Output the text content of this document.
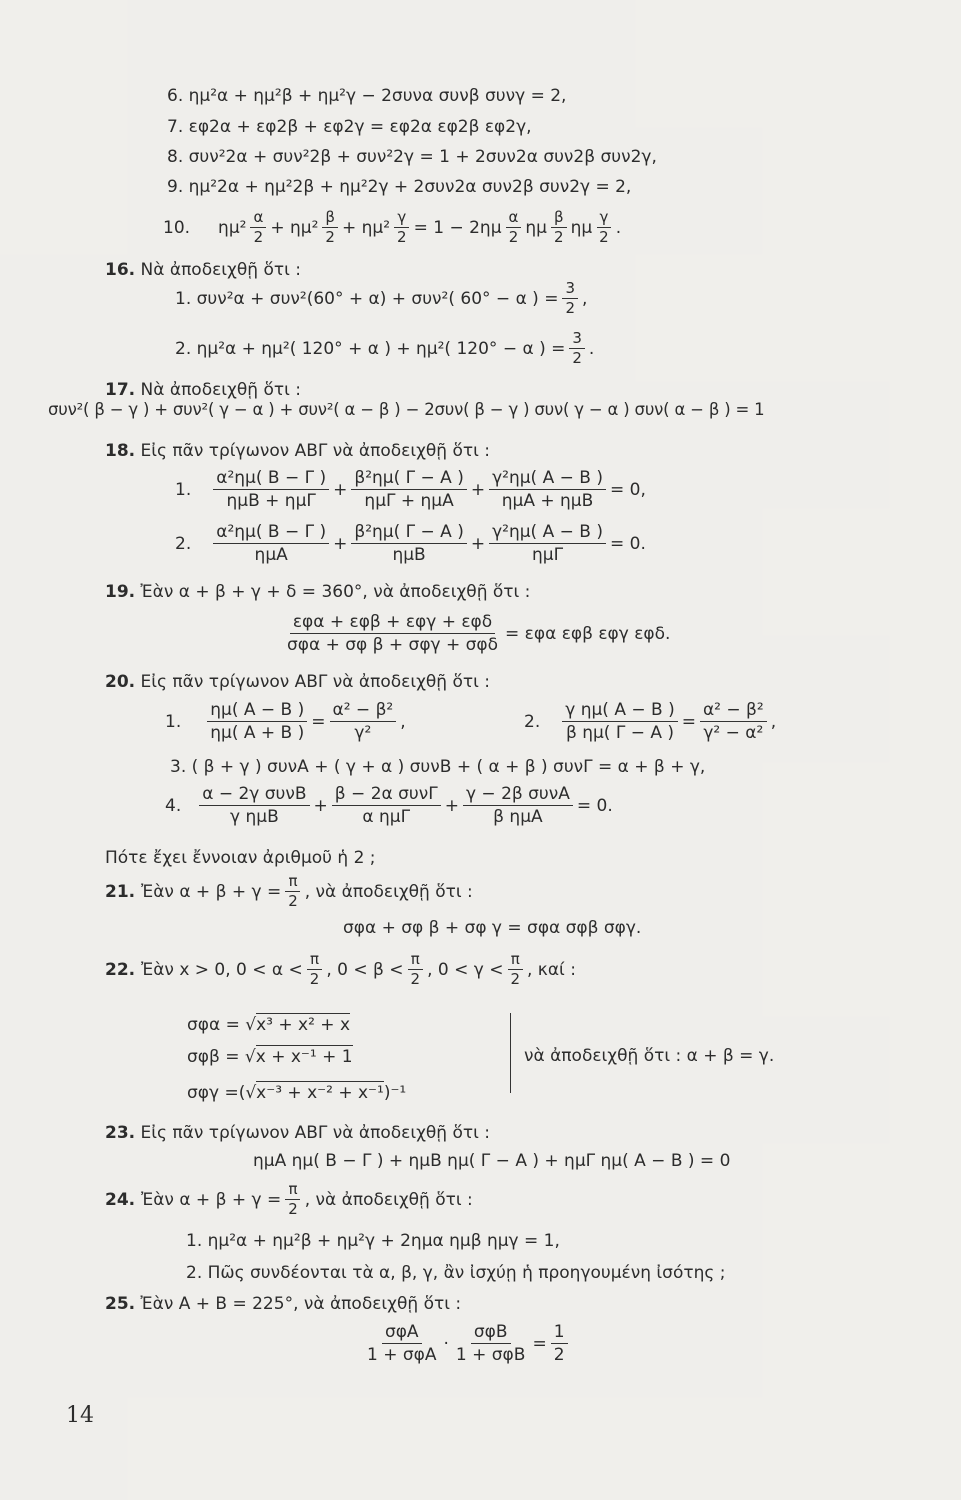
6. ημ²α + ημ²β + ημ²γ − 2συνα συνβ συνγ = 2,
7. εφ2α + εφ2β + εφ2γ = εφ2α εφ2β εφ2γ,
8. συν²2α + συν²2β + συν²2γ = 1 + 2συν2α συν2β συν2γ,
9. ημ²2α + ημ²2β + ημ²2γ + 2συν2α συν2β συν2γ = 2,
10. $\eta\mu^2 \frac{\alpha}{2} + \eta\mu^2 \frac{\beta}{2} + \eta\mu^2 \frac{\gamma}{2} = 1 - 2\eta\mu \frac{\alpha}{2}$ ημ $\frac{\beta}{2}$ ημ $\frac{\gamma}{2}$ .
16. Νὰ ἀποδειχθῇ ὅτι :
1. συν²α + συν²(60° + α) + συν²( 60° − α ) = $\frac{3}{2}$ ,
2. ημ²α + ημ²( 120° + α ) + ημ²( 120° − α ) = $\frac{3}{2}$ .
17. Νὰ ἀποδειχθῇ ὅτι :
συν²( β − γ ) + συν²( γ − α ) + συν²( α − β ) − 2συν( β − γ ) συν( γ − α ) συν( α − β ) = 1
18. Εἰς πᾶν τρίγωνον ΑΒΓ νὰ ἀποδειχθῇ ὅτι :
1. $\frac{\text{α²ημ( Β − Γ )}}{\text{ημΒ + ημΓ}} + \frac{\text{β²ημ( Γ − Α )}}{\text{ημΓ + ημΑ}} + \frac{\text{γ²ημ( Α − Β )}}{\text{ημΑ + ημΒ}} = 0$,
2. $\frac{\text{α²ημ( Β − Γ )}}{\text{ημΑ}} + \frac{\text{β²ημ( Γ − Α )}}{\text{ημΒ}} + \frac{\text{γ²ημ( Α − Β )}}{\text{ημΓ}} = 0$.
19. Ἐὰν α + β + γ + δ = 360°, νὰ ἀποδειχθῇ ὅτι :
$\frac{\text{εφα + εφβ + εφγ + εφδ}}{\text{σφα + σφ β + σφγ + σφδ}} = \varepsilon\varphi\alpha$ εφβ εφγ εφδ.
20. Εἰς πᾶν τρίγωνον ΑΒΓ νὰ ἀποδειχθῇ ὅτι :
1. $\frac{\eta\mu( A - B )}{\eta\mu( A + B )} = \frac{\text{α² − β²}}{\text{γ²}}$ ,	2. $\frac{\text{γ ημ( Α − Β )}}{\text{β ημ( Γ − Α )}} = \frac{\text{α² − β²}}{\text{γ² − α²}}$ ,
3. ( β + γ ) συνΑ + ( γ + α ) συνΒ + ( α + β ) συνΓ = α + β + γ,
4. $\frac{\text{α − 2γ συνΒ}}{\text{γ ημΒ}} + \frac{\text{β − 2α συνΓ}}{\text{α ημΓ}} + \frac{\text{γ − 2β συνΑ}}{\text{β ημΑ}} = 0$.
Πότε ἔχει ἔννοιαν ἀριθμοῦ ἡ 2 ;
21. Ἐὰν $\alpha + \beta + \gamma = \frac{\pi}{2}$ , νὰ ἀποδειχθῇ ὅτι :
σφα + σφ β + σφ γ = σφα σφβ σφγ.
22. Ἐὰν x > 0, $0 < \alpha < \frac{\pi}{2}$ , $0 < \beta < \frac{\pi}{2}$ , $0 < \gamma < \frac{\pi}{2}$ , καί :
σφα = √x³ + x² + x
σφβ = √x + x⁻¹ + 1
σφγ =(√x⁻³ + x⁻² + x⁻¹)⁻¹
νὰ ἀποδειχθῇ ὅτι : α + β = γ.
23. Εἰς πᾶν τρίγωνον ΑΒΓ νὰ ἀποδειχθῇ ὅτι :
ημΑ ημ( Β − Γ ) + ημΒ ημ( Γ − Α ) + ημΓ ημ( Α − Β ) = 0
24. Ἐὰν $\alpha + \beta + \gamma = \frac{\pi}{2}$ , νὰ ἀποδειχθῇ ὅτι :
1. ημ²α + ημ²β + ημ²γ + 2ημα ημβ ημγ = 1,
2. Πῶς συνδέονται τὰ α, β, γ, ἂν ἰσχύῃ ἡ προηγουμένη ἰσότης ;
25. Ἐὰν Α + Β = 225°, νὰ ἀποδειχθῇ ὅτι :
$\frac{\text{σφΑ}}{\text{1 + σφΑ}} \cdot \frac{\text{σφΒ}}{\text{1 + σφΒ}} = \frac{1}{2}$
14
